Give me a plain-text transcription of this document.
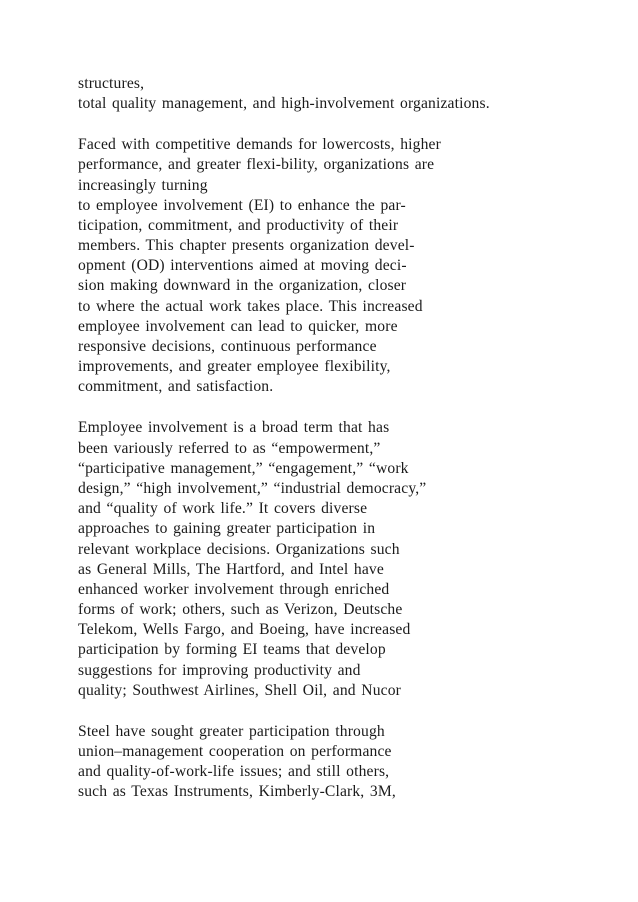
structures,
total quality management, and high-involvement organizations.
Faced with competitive demands for lowercosts, higher
performance, and greater flexi-bility, organizations are
increasingly turning
to employee involvement (EI) to enhance the par-
ticipation, commitment, and productivity of their
members. This chapter presents organization devel-
opment (OD) interventions aimed at moving deci-
sion making downward in the organization, closer
to where the actual work takes place. This increased
employee involvement can lead to quicker, more
responsive decisions, continuous performance
improvements, and greater employee flexibility,
commitment, and satisfaction.
Employee involvement is a broad term that has
been variously referred to as “empowerment,”
“participative management,” “engagement,” “work
design,” “high involvement,” “industrial democracy,”
and “quality of work life.” It covers diverse
approaches to gaining greater participation in
relevant workplace decisions. Organizations such
as General Mills, The Hartford, and Intel have
enhanced worker involvement through enriched
forms of work; others, such as Verizon, Deutsche
Telekom, Wells Fargo, and Boeing, have increased
participation by forming EI teams that develop
suggestions for improving productivity and
quality; Southwest Airlines, Shell Oil, and Nucor
Steel have sought greater participation through
union–management cooperation on performance
and quality-of-work-life issues; and still others,
such as Texas Instruments, Kimberly-Clark, 3M,
